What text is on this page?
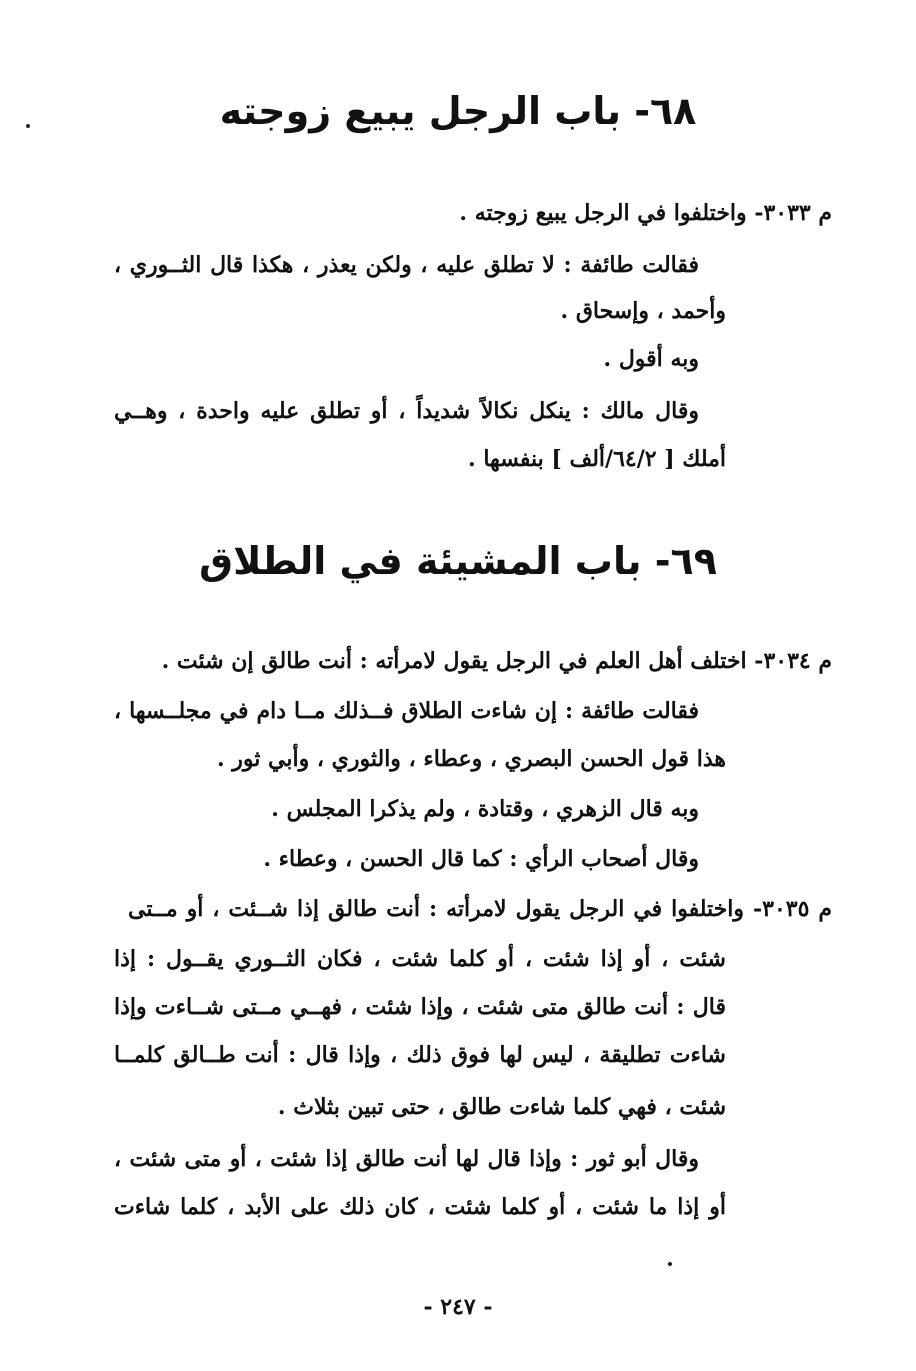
٦٨- باب الرجل يبيع زوجته
م ٣٠٣٣- واختلفوا في الرجل يبيع زوجته .
فقالت طائفة : لا تطلق عليه ، ولكن يعذر ، هكذا قال الثــوري ،
وأحمد ، وإسحاق .
وبه أقول .
وقال مالك : ينكل نكالاً شديداً ، أو تطلق عليه واحدة ، وهــي
أملك [ ٦٤/٢/ألف ] بنفسها .
٦٩- باب المشيئة في الطلاق
م ٣٠٣٤- اختلف أهل العلم في الرجل يقول لامرأته : أنت طالق إن شئت .
فقالت طائفة : إن شاءت الطلاق فــذلك مــا دام في مجلــسها ،
هذا قول الحسن البصري ، وعطاء ، والثوري ، وأبي ثور .
وبه قال الزهري ، وقتادة ، ولم يذكرا المجلس .
وقال أصحاب الرأي : كما قال الحسن ، وعطاء .
م ٣٠٣٥- واختلفوا في الرجل يقول لامرأته : أنت طالق إذا شــئت ، أو مــتى
شئت ، أو إذا شئت ، أو كلما شئت ، فكان الثــوري يقــول : إذا
قال : أنت طالق متى شئت ، وإذا شئت ، فهــي مــتى شــاءت وإذا
شاءت تطليقة ، ليس لها فوق ذلك ، وإذا قال : أنت طــالق كلمــا
شئت ، فهي كلما شاءت طالق ، حتى تبين بثلاث .
وقال أبو ثور : وإذا قال لها أنت طالق إذا شئت ، أو متى شئت ،
أو إذا ما شئت ، أو كلما شئت ، كان ذلك على الأبد ، كلما شاءت
- ٢٤٧ -
